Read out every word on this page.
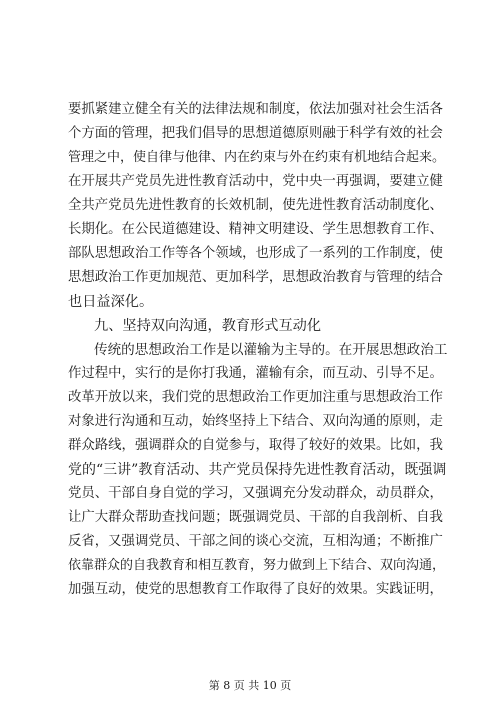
要抓紧建立健全有关的法律法规和制度，依法加强对社会生活各
个方面的管理，把我们倡导的思想道德原则融于科学有效的社会
管理之中，使自律与他律、内在约束与外在约束有机地结合起来。
在开展共产党员先进性教育活动中，党中央一再强调，要建立健
全共产党员先进性教育的长效机制，使先进性教育活动制度化、
长期化。在公民道德建设、精神文明建设、学生思想教育工作、
部队思想政治工作等各个领域，也形成了一系列的工作制度，使
思想政治工作更加规范、更加科学，思想政治教育与管理的结合
也日益深化。
九、坚持双向沟通，教育形式互动化
传统的思想政治工作是以灌输为主导的。在开展思想政治工
作过程中，实行的是你打我通，灌输有余，而互动、引导不足。
改革开放以来，我们党的思想政治工作更加注重与思想政治工作
对象进行沟通和互动，始终坚持上下结合、双向沟通的原则，走
群众路线，强调群众的自觉参与，取得了较好的效果。比如，我
党的“三讲”教育活动、共产党员保持先进性教育活动，既强调
党员、干部自身自觉的学习，又强调充分发动群众，动员群众，
让广大群众帮助查找问题；既强调党员、干部的自我剖析、自我
反省，又强调党员、干部之间的谈心交流，互相沟通；不断推广
依靠群众的自我教育和相互教育，努力做到上下结合、双向沟通，
加强互动，使党的思想教育工作取得了良好的效果。实践证明，
第 8 页 共 10 页
